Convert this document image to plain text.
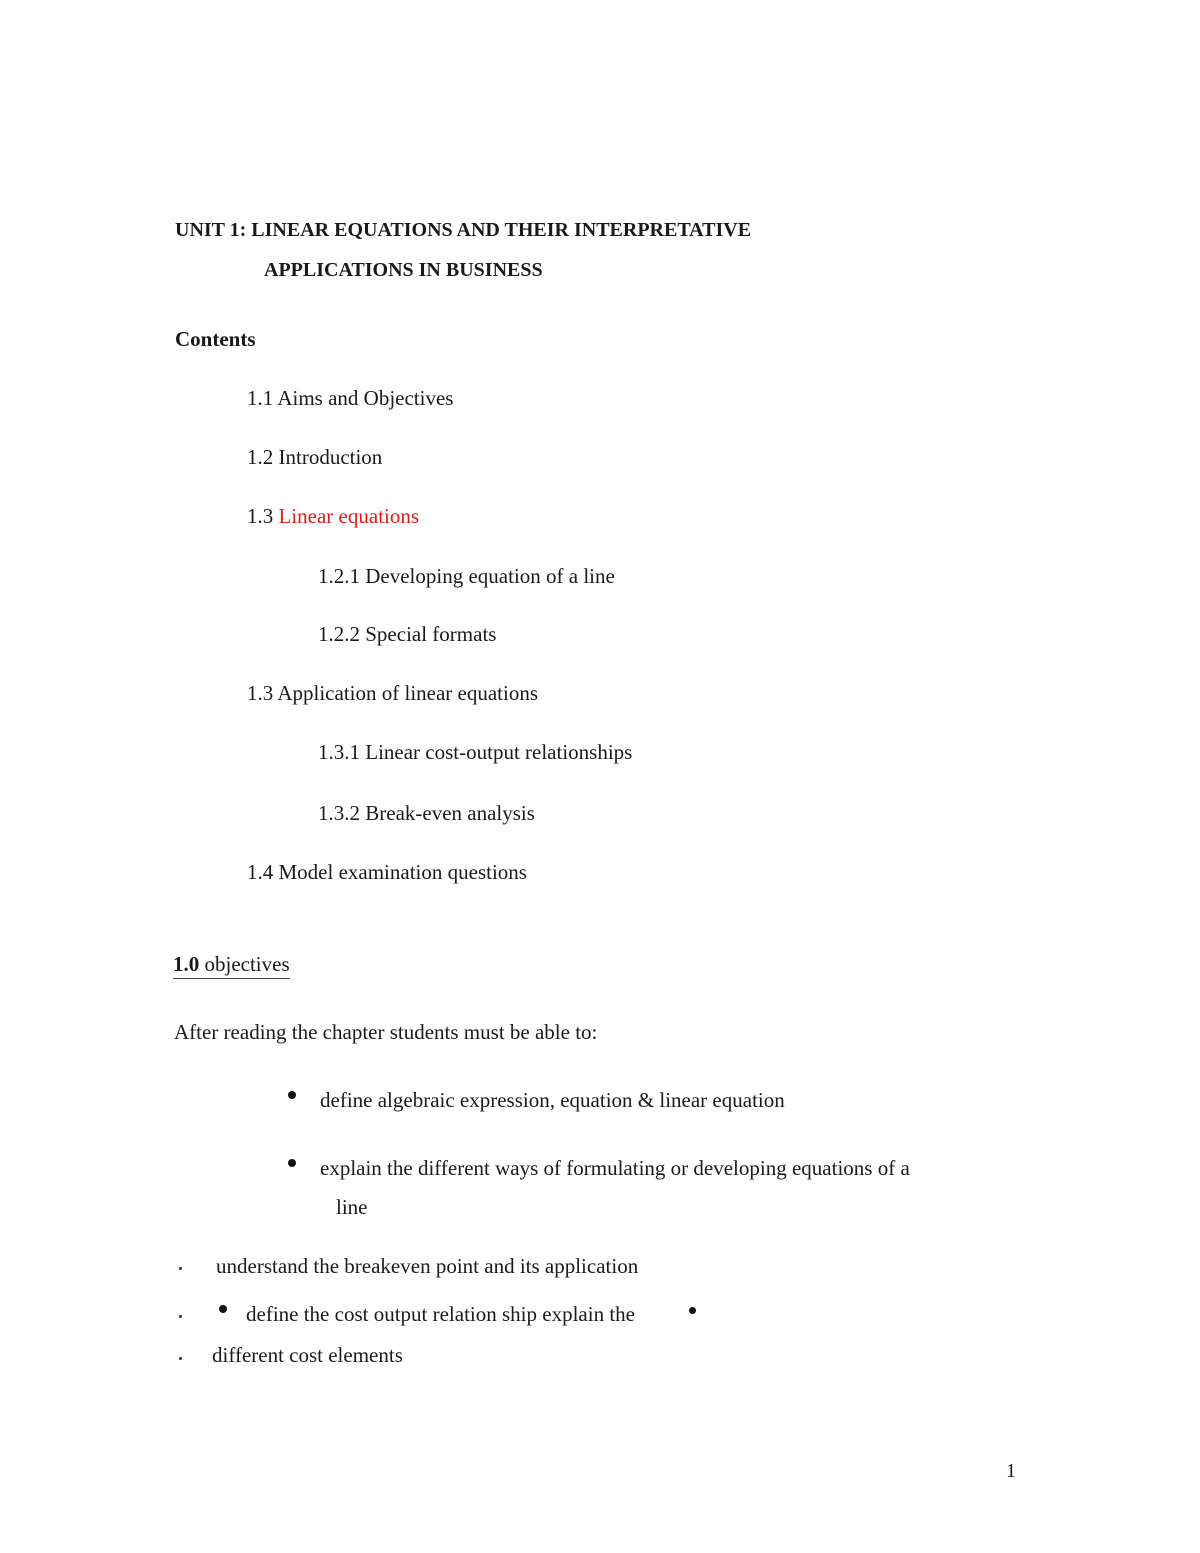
UNIT 1: LINEAR EQUATIONS AND THEIR INTERPRETATIVE
APPLICATIONS IN BUSINESS
Contents
1.1 Aims and Objectives
1.2 Introduction
1.3 Linear equations
1.2.1 Developing equation of a line
1.2.2 Special formats
1.3 Application of linear equations
1.3.1 Linear cost-output relationships
1.3.2 Break-even analysis
1.4 Model examination questions
1.0 objectives
After reading the chapter students must be able to:
define algebraic expression, equation & linear equation
explain the different ways of formulating or developing equations of a
line
understand the breakeven point and its application
define the cost output relation ship explain the
different cost elements
1
